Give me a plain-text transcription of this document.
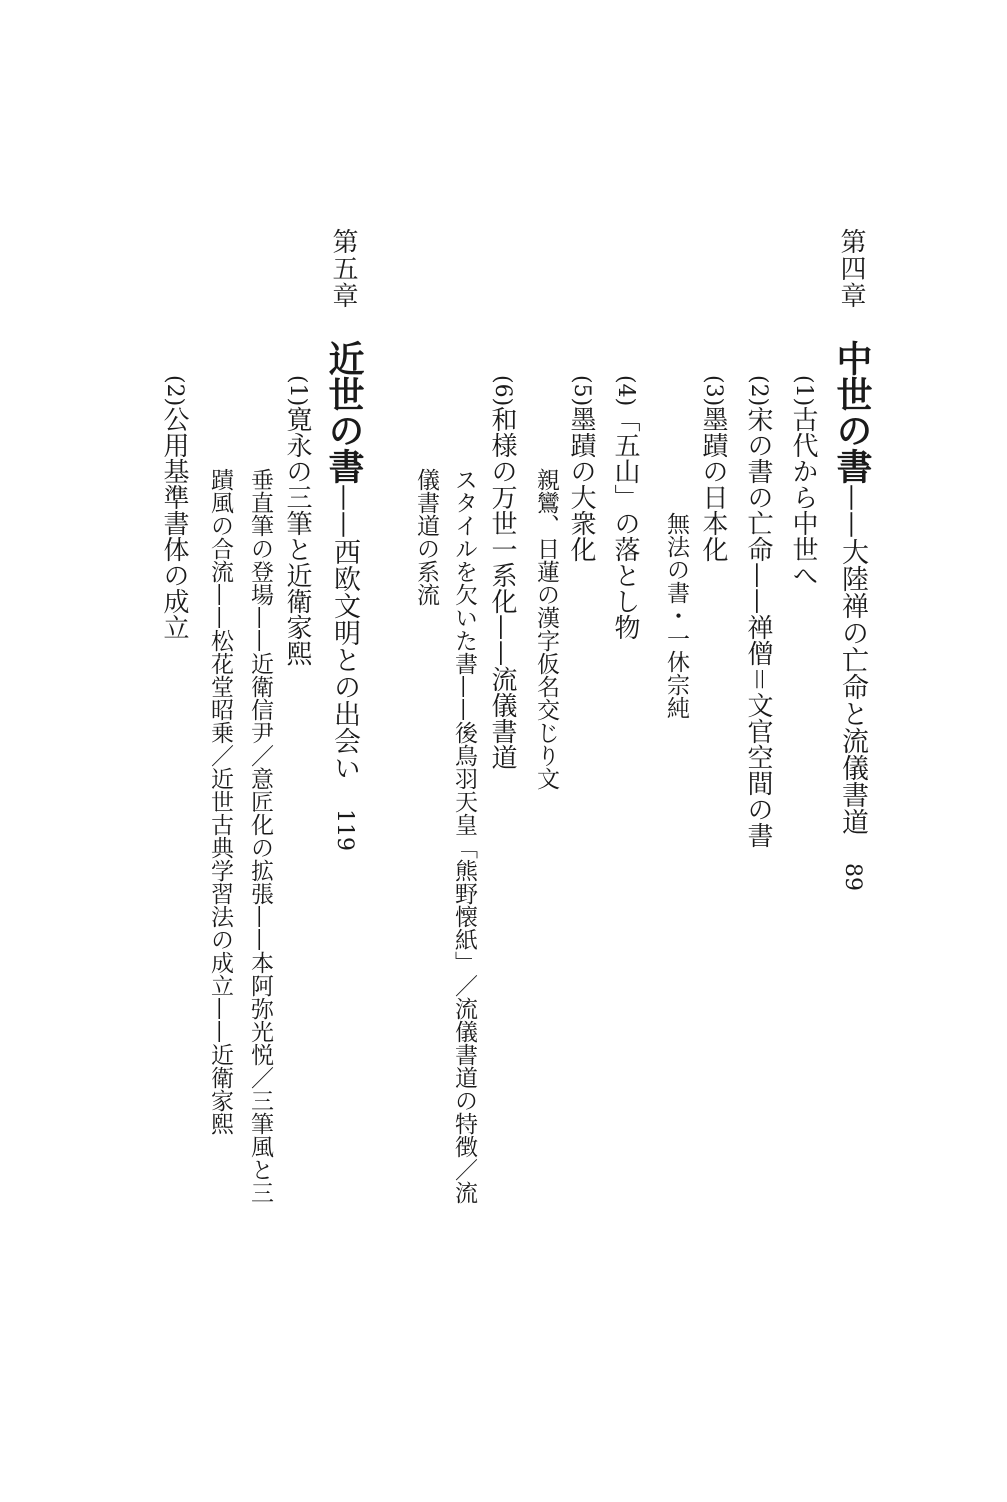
第四章
中世の書——大陸禅の亡命と流儀書道89
(1)古代から中世へ
(2)宋の書の亡命——禅僧＝文官空間の書
(3)墨蹟の日本化
無法の書・一休宗純
(4)「五山」の落とし物
(5)墨蹟の大衆化
親鸞、日蓮の漢字仮名交じり文
(6)和様の万世一系化——流儀書道
スタイルを欠いた書——後鳥羽天皇「熊野懐紙」／流儀書道の特徴／流
儀書道の系流
第五章
近世の書——西欧文明との出会い119
(1)寛永の三筆と近衛家熙
垂直筆の登場——近衛信尹／意匠化の拡張——本阿弥光悦／三筆風と三
蹟風の合流——松花堂昭乗／近世古典学習法の成立——近衛家熙
(2)公用基準書体の成立
